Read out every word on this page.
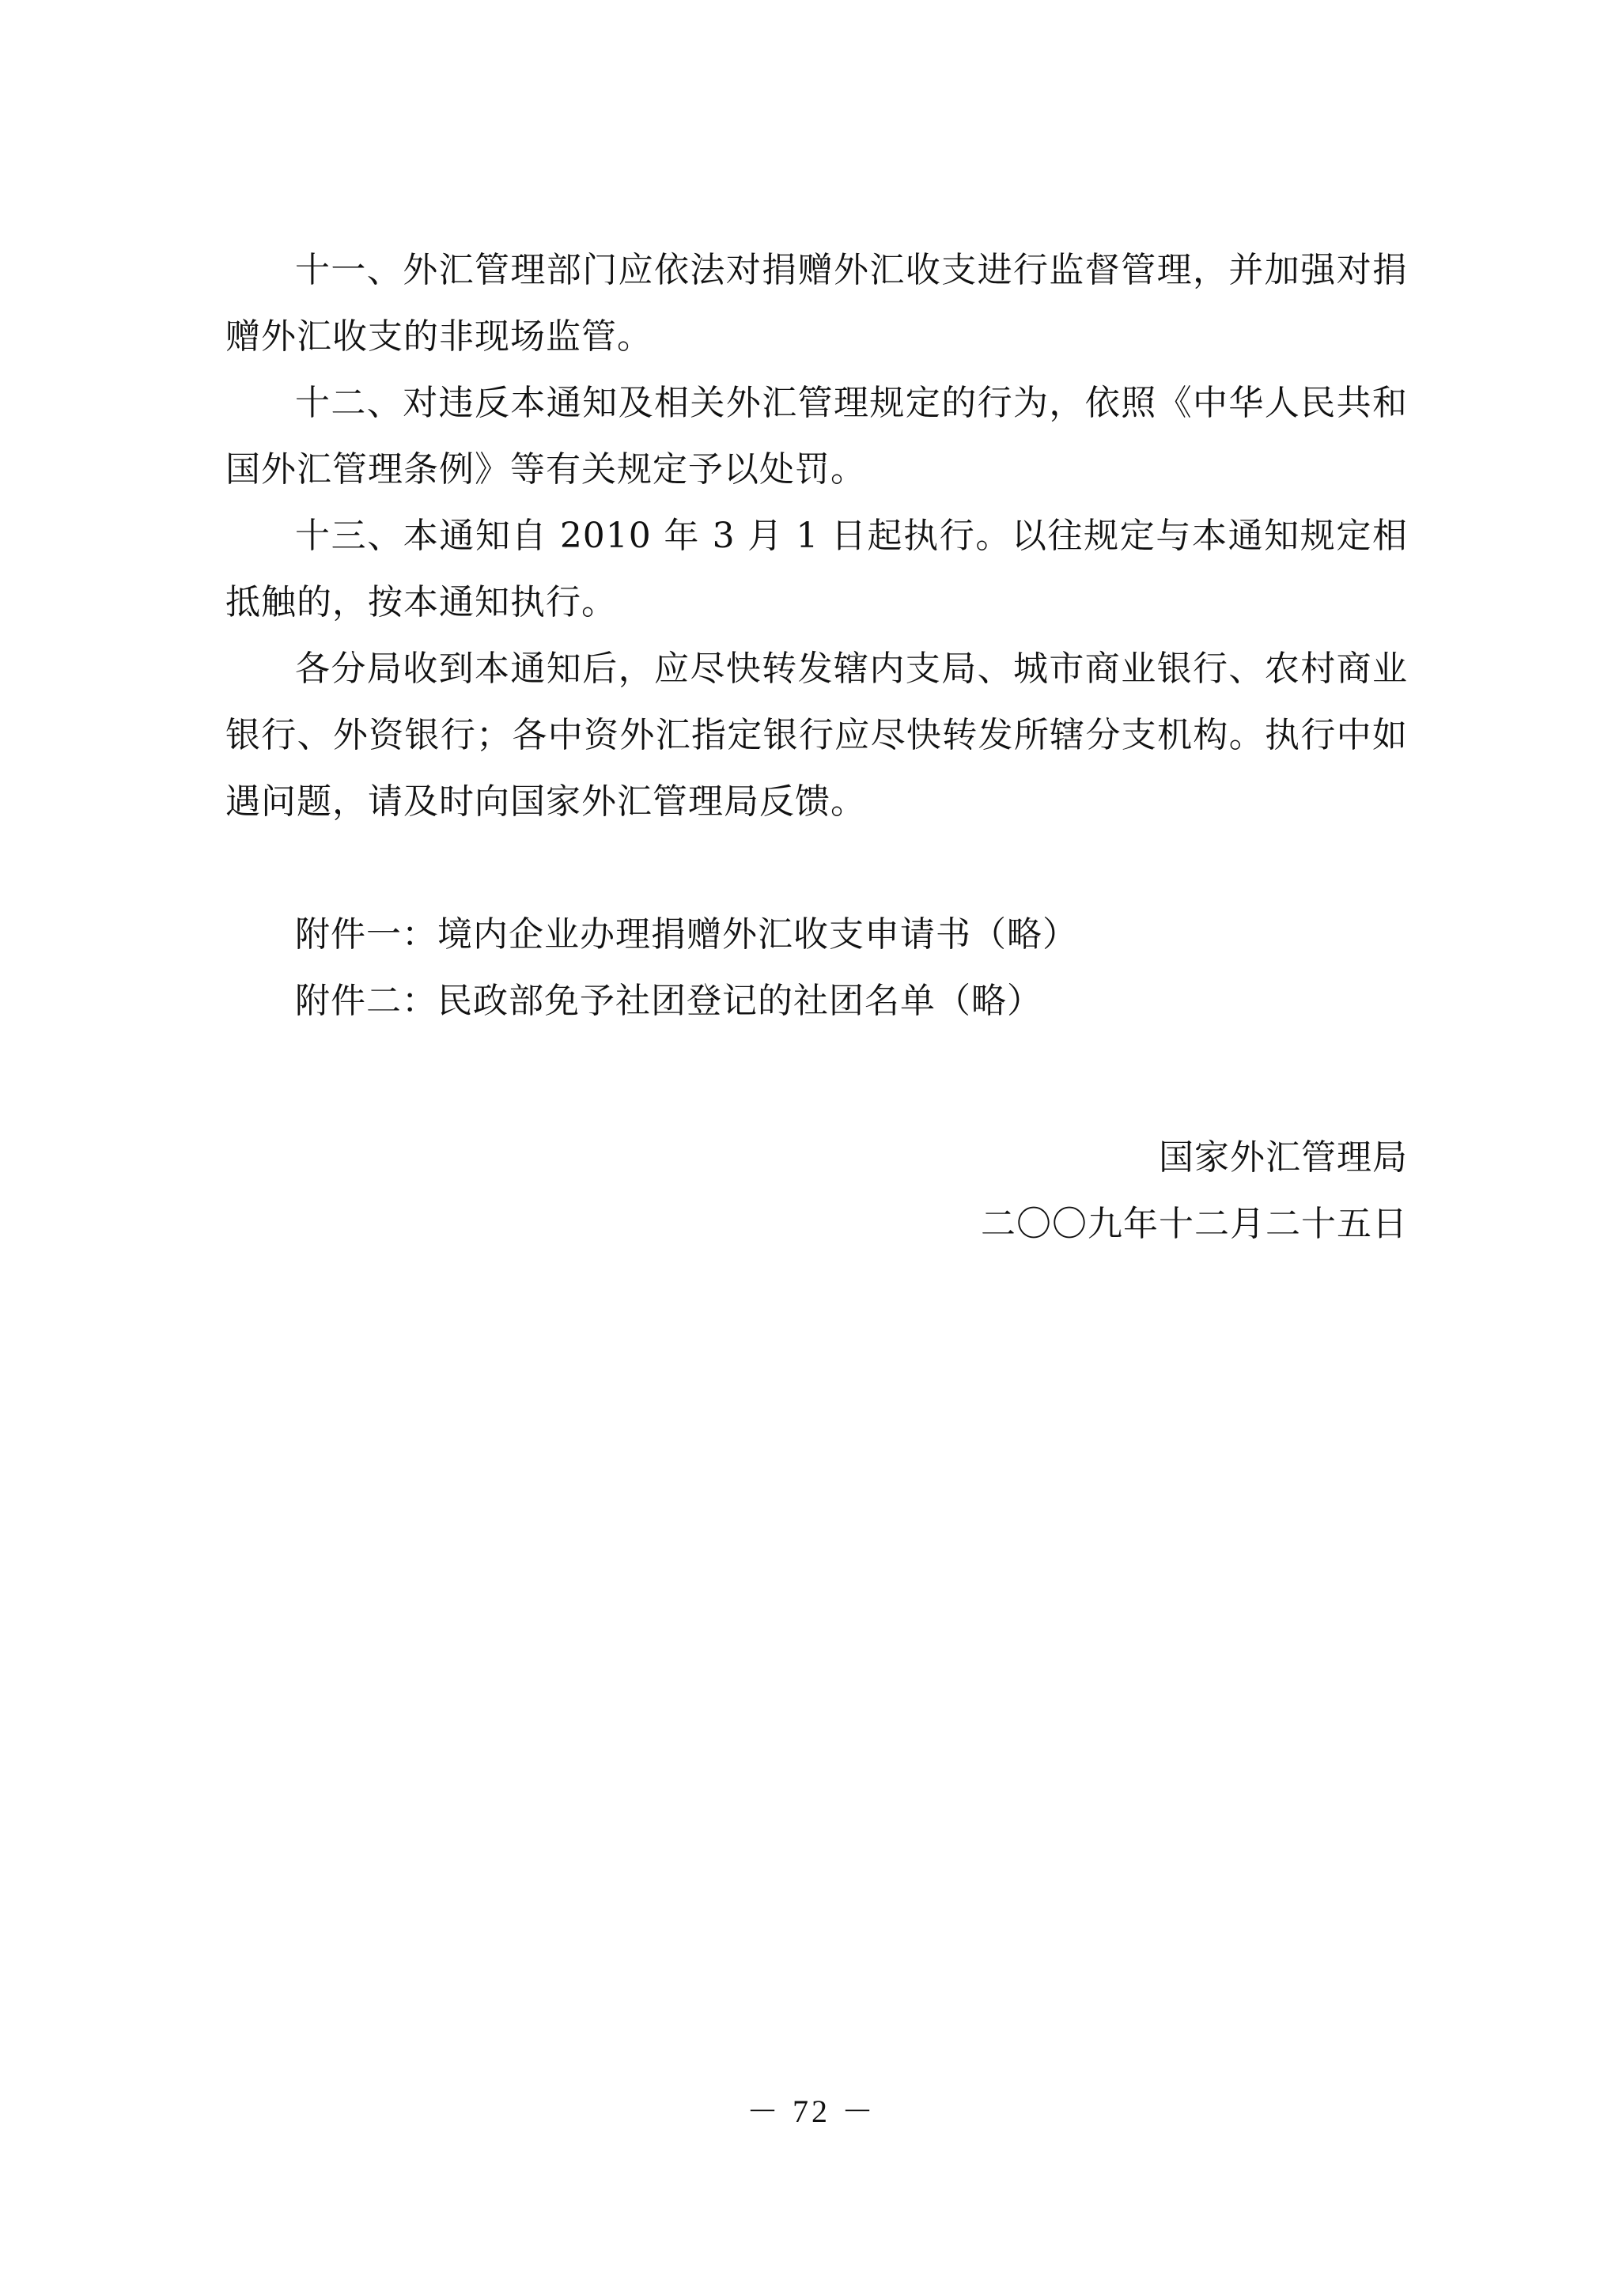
十一、外汇管理部门应依法对捐赠外汇收支进行监督管理，并加强对捐赠外汇收支的非现场监管。

十二、对违反本通知及相关外汇管理规定的行为，依照《中华人民共和国外汇管理条例》等有关规定予以处罚。

十三、本通知自 2010 年 3 月 1 日起执行。以往规定与本通知规定相抵触的，按本通知执行。

各分局收到本通知后，应尽快转发辖内支局、城市商业银行、农村商业银行、外资银行；各中资外汇指定银行应尽快转发所辖分支机构。执行中如遇问题，请及时向国家外汇管理局反馈。

附件一：境内企业办理捐赠外汇收支申请书（略）

附件二：民政部免予社团登记的社团名单（略）

国家外汇管理局

二〇〇九年十二月二十五日

－ 72 －
